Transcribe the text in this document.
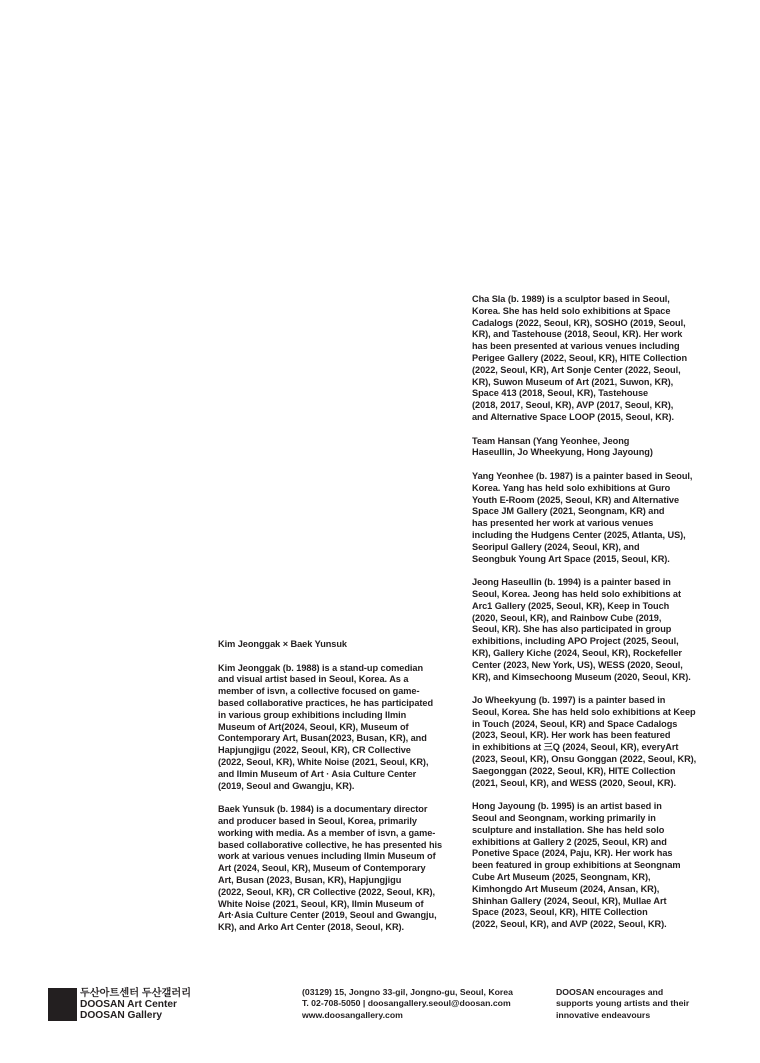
Kim Jeonggak × Baek Yunsuk

Kim Jeonggak (b. 1988) is a stand-up comedian
and visual artist based in Seoul, Korea. As a
member of isvn, a collective focused on game-
based collaborative practices, he has participated
in various group exhibitions including Ilmin
Museum of Art(2024, Seoul, KR), Museum of
Contemporary Art, Busan(2023, Busan, KR), and
Hapjungjigu (2022, Seoul, KR), CR Collective
(2022, Seoul, KR), White Noise (2021, Seoul, KR),
and Ilmin Museum of Art · Asia Culture Center
(2019, Seoul and Gwangju, KR).

Baek Yunsuk (b. 1984) is a documentary director
and producer based in Seoul, Korea, primarily
working with media. As a member of isvn, a game-
based collaborative collective, he has presented his
work at various venues including Ilmin Museum of
Art (2024, Seoul, KR), Museum of Contemporary
Art, Busan (2023, Busan, KR), Hapjungjigu
(2022, Seoul, KR), CR Collective (2022, Seoul, KR),
White Noise (2021, Seoul, KR), Ilmin Museum of
Art·Asia Culture Center (2019, Seoul and Gwangju,
KR), and Arko Art Center (2018, Seoul, KR).

Cha Sla (b. 1989) is a sculptor based in Seoul,
Korea. She has held solo exhibitions at Space
Cadalogs (2022, Seoul, KR), SOSHO (2019, Seoul,
KR), and Tastehouse (2018, Seoul, KR). Her work
has been presented at various venues including
Perigee Gallery (2022, Seoul, KR), HITE Collection
(2022, Seoul, KR), Art Sonje Center (2022, Seoul,
KR), Suwon Museum of Art (2021, Suwon, KR),
Space 413 (2018, Seoul, KR), Tastehouse
(2018, 2017, Seoul, KR), AVP (2017, Seoul, KR),
and Alternative Space LOOP (2015, Seoul, KR).

Team Hansan (Yang Yeonhee, Jeong
Haseullin, Jo Wheekyung, Hong Jayoung)

Yang Yeonhee (b. 1987) is a painter based in Seoul,
Korea. Yang has held solo exhibitions at Guro
Youth E-Room (2025, Seoul, KR) and Alternative
Space JM Gallery (2021, Seongnam, KR) and
has presented her work at various venues
including the Hudgens Center (2025, Atlanta, US),
Seoripul Gallery (2024, Seoul, KR), and
Seongbuk Young Art Space (2015, Seoul, KR).

Jeong Haseullin (b. 1994) is a painter based in
Seoul, Korea. Jeong has held solo exhibitions at
Arc1 Gallery (2025, Seoul, KR), Keep in Touch
(2020, Seoul, KR), and Rainbow Cube (2019,
Seoul, KR). She has also participated in group
exhibitions, including APO Project (2025, Seoul,
KR), Gallery Kiche (2024, Seoul, KR), Rockefeller
Center (2023, New York, US), WESS (2020, Seoul,
KR), and Kimsechoong Museum (2020, Seoul, KR).

Jo Wheekyung (b. 1997) is a painter based in
Seoul, Korea. She has held solo exhibitions at Keep
in Touch (2024, Seoul, KR) and Space Cadalogs
(2023, Seoul, KR). Her work has been featured
in exhibitions at 三Q (2024, Seoul, KR), everyArt
(2023, Seoul, KR), Onsu Gonggan (2022, Seoul, KR),
Saegonggan (2022, Seoul, KR), HITE Collection
(2021, Seoul, KR), and WESS (2020, Seoul, KR).

Hong Jayoung (b. 1995) is an artist based in
Seoul and Seongnam, working primarily in
sculpture and installation. She has held solo
exhibitions at Gallery 2 (2025, Seoul, KR) and
Ponetive Space (2024, Paju, KR). Her work has
been featured in group exhibitions at Seongnam
Cube Art Museum (2025, Seongnam, KR),
Kimhongdo Art Museum (2024, Ansan, KR),
Shinhan Gallery (2024, Seoul, KR), Mullae Art
Space (2023, Seoul, KR), HITE Collection
(2022, Seoul, KR), and AVP (2022, Seoul, KR).

두산아트센터 두산갤러리
DOOSAN Art Center
DOOSAN Gallery
(03129) 15, Jongno 33-gil, Jongno-gu, Seoul, Korea
T. 02-708-5050 | doosangallery.seoul@doosan.com
www.doosangallery.com
DOOSAN encourages and
supports young artists and their
innovative endeavours
